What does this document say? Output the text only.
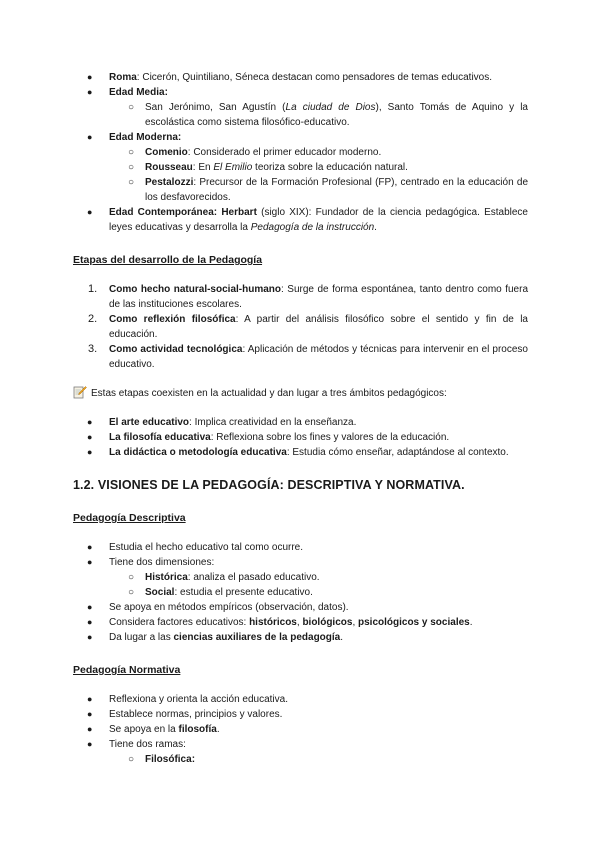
● Roma: Cicerón, Quintiliano, Séneca destacan como pensadores de temas educativos.
● Edad Media:
○ San Jerónimo, San Agustín (La ciudad de Dios), Santo Tomás de Aquino y la escolástica como sistema filosófico-educativo.
● Edad Moderna:
○ Comenio: Considerado el primer educador moderno.
○ Rousseau: En El Emilio teoriza sobre la educación natural.
○ Pestalozzi: Precursor de la Formación Profesional (FP), centrado en la educación de los desfavorecidos.
● Edad Contemporánea: Herbart (siglo XIX): Fundador de la ciencia pedagógica. Establece leyes educativas y desarrolla la Pedagogía de la instrucción.
Etapas del desarrollo de la Pedagogía
1. Como hecho natural-social-humano: Surge de forma espontánea, tanto dentro como fuera de las instituciones escolares.
2. Como reflexión filosófica: A partir del análisis filosófico sobre el sentido y fin de la educación.
3. Como actividad tecnológica: Aplicación de métodos y técnicas para intervenir en el proceso educativo.
Estas etapas coexisten en la actualidad y dan lugar a tres ámbitos pedagógicos:
● El arte educativo: Implica creatividad en la enseñanza.
● La filosofía educativa: Reflexiona sobre los fines y valores de la educación.
● La didáctica o metodología educativa: Estudia cómo enseñar, adaptándose al contexto.
1.2. VISIONES DE LA PEDAGOGÍA: DESCRIPTIVA Y NORMATIVA.
Pedagogía Descriptiva
● Estudia el hecho educativo tal como ocurre.
● Tiene dos dimensiones:
○ Histórica: analiza el pasado educativo.
○ Social: estudia el presente educativo.
● Se apoya en métodos empíricos (observación, datos).
● Considera factores educativos: históricos, biológicos, psicológicos y sociales.
● Da lugar a las ciencias auxiliares de la pedagogía.
Pedagogía Normativa
● Reflexiona y orienta la acción educativa.
● Establece normas, principios y valores.
● Se apoya en la filosofía.
● Tiene dos ramas:
○ Filosófica:
